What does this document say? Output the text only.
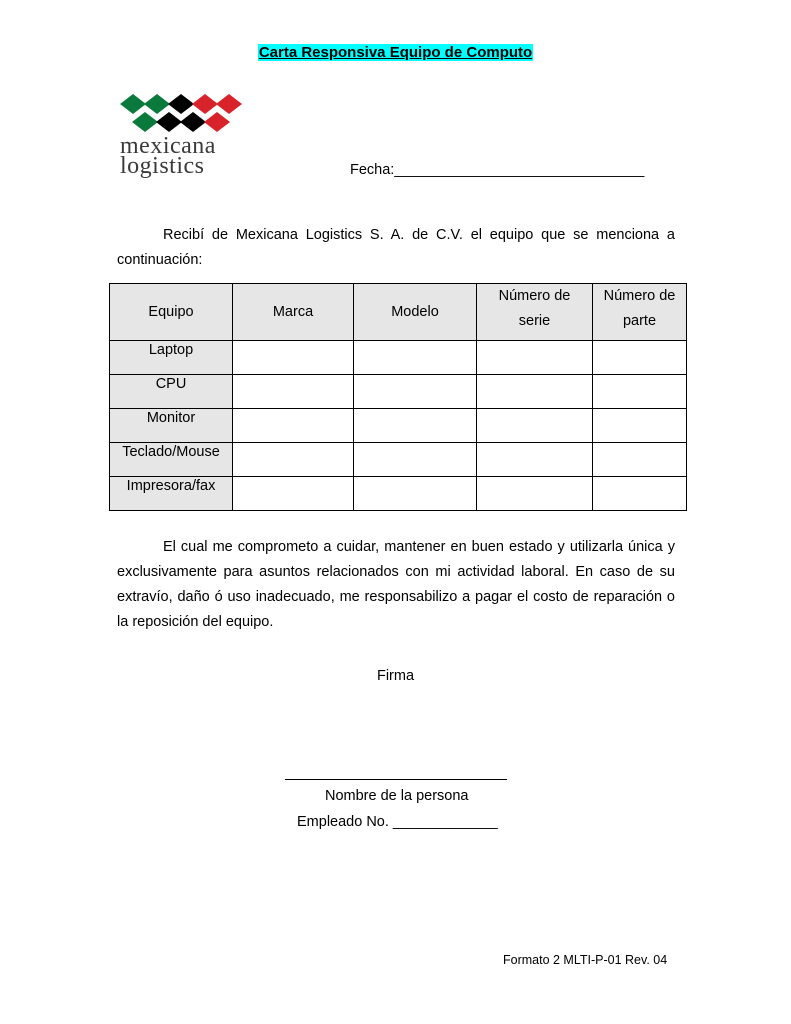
Carta Responsiva Equipo de Computo
mexicana
logistics	Fecha:_______________________________
Recibí de Mexicana Logistics S. A. de C.V. el equipo que se menciona a continuación:
Equipo	Marca	Modelo	Número de serie	Número de parte
Laptop				
CPU				
Monitor				
Teclado/Mouse				
Impresora/fax				
El cual me comprometo a cuidar, mantener en buen estado y utilizarla única y exclusivamente para asuntos relacionados con mi actividad laboral. En caso de su extravío, daño ó uso inadecuado, me responsabilizo a pagar el costo de reparación o la reposición del equipo.
Firma
Nombre de la persona
Empleado No. _____________
Formato 2 MLTI-P-01 Rev. 04
